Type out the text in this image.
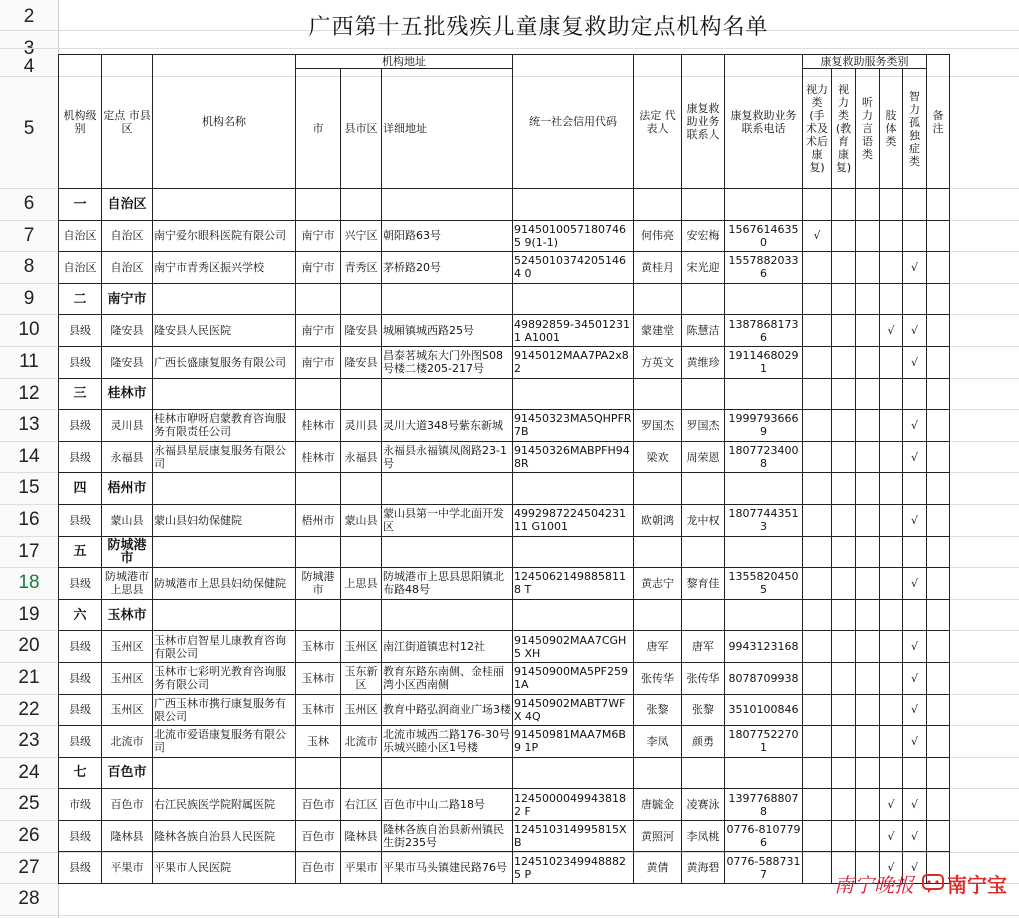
2
3
4
5
6
7
8
9
10
11
12
13
14
15
16
17
18
19
20
21
22
23
24
25
26
27
28
广西第十五批残疾儿童康复救助定点机构名单
机构级别	定点 市县区	机构名称	机构地址			统一社会信用代码	法定 代表人	康复救助业务联系人	康复救助业务联系电话	康复救助服务类别					备注
			市	县市区	详细地址					视力类(手术及术后康复)	视力类(教育康复)	听力言语类	肢体类	智力孤独症类	
一	自治区														
自治区	自治区	南宁爱尔眼科医院有限公司	南宁市	兴宁区	朝阳路63号	91450100571807465 9(1-1)	何伟亮	安宏梅	15676146350	√					
自治区	自治区	南宁市青秀区振兴学校	南宁市	青秀区	茅桥路20号	52450103742051464 0	黄桂月	宋光迎	15578820336					√	
二	南宁市														
县级	隆安县	隆安县人民医院	南宁市	隆安县	城厢镇城西路25号	49892859-345012311 A1001	蒙建堂	陈慧洁	13878681736				√	√	
县级	隆安县	广西长盛康复服务有限公司	南宁市	隆安县	昌泰茗城东大门外图S08号楼二楼205-217号	9145012MAA7PA2x8 2	方英文	黄维珍	19114680291					√	
三	桂林市														
县级	灵川县	桂林市咿呀启蒙教育咨询服务有限责任公司	桂林市	灵川县	灵川大道348号紫东新城	91450323MA5QHPFR 7B	罗国杰	罗国杰	19997936669					√	
县级	永福县	永福县星辰康复服务有限公司	桂林市	永福县	永福县永福镇凤阁路23-1号	91450326MABPFH94 8R	梁欢	周荣恩	18077234008					√	
四	梧州市														
县级	蒙山县	蒙山县妇幼保健院	梧州市	蒙山县	蒙山县第一中学北面开发区	499298722450423111 G1001	欧朝鸿	龙中权	18077443513					√	
五	防城港市														
县级	防城港市上思县	防城港市上思县妇幼保健院	防城港市	上思县	防城港市上思县思阳镇北布路48号	12450621498858118 T	黄志宁	黎育佳	13558204505					√	
六	玉林市														
县级	玉州区	玉林市启智星儿康教育咨询有限公司	玉林市	玉州区	南江街道镇忠村12社	91450902MAA7CGH5 XH	唐军	唐军	9943123168					√	
县级	玉州区	玉林市七彩明光教育咨询服务有限公司	玉林市	玉东新区	教育东路东南侧、金桂丽湾小区西南侧	91450900MA5PF259 1A	张传华	张传华	8078709938					√	
县级	玉州区	广西玉林市携行康复服务有限公司	玉林市	玉州区	教育中路弘润商业广场3楼	91450902MABT7WFX 4Q	张黎	张黎	3510100846					√	
县级	北流市	北流市爱语康复服务有限公司	玉林	北流市	北流市城西二路176-30号乐城兴睦小区1号楼	91450981MAA7M6B9 1P	李凤	颜勇	18077522701					√	
七	百色市														
市级	百色市	右江民族医学院附属医院	百色市	右江区	百色市中山二路18号	12450000499438182 F	唐毓金	凌赛泳	13977688078				√	√	
县级	隆林县	隆林各族自治县人民医院	百色市	隆林县	隆林各族自治县新州镇民生街235号	124510314995815X B	黄照河	李凤桃	0776-8107796				√	√	
县级	平果市	平果市人民医院	百色市	平果市	平果市马头镇建民路76号	12451023499488825 P	黄倩	黄海碧	0776-5887317				√	√	
南宁晚报 南宁宝
